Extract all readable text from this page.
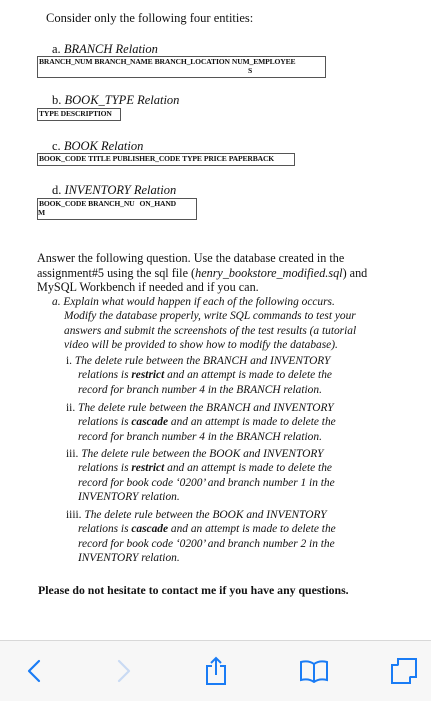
Consider only the following four entities:
a. BRANCH Relation
BRANCH_NUM BRANCH_NAME BRANCH_LOCATION NUM_EMPLOYEE S
b. BOOK_TYPE Relation
TYPE DESCRIPTION
c. BOOK Relation
BOOK_CODE TITLE PUBLISHER_CODE TYPE PRICE PAPERBACK
d. INVENTORY Relation
BOOK_CODE BRANCH_NU ON_HAND M
Answer the following question. Use the database created in the
assignment#5 using the sql file (henry_bookstore_modified.sql) and
MySQL Workbench if needed and if you can.
a. Explain what would happen if each of the following occurs.
Modify the database properly, write SQL commands to test your
answers and submit the screenshots of the test results (a tutorial
video will be provided to show how to modify the database).
i. The delete rule between the BRANCH and INVENTORY
relations is restrict and an attempt is made to delete the
record for branch number 4 in the BRANCH relation.
ii. The delete rule between the BRANCH and INVENTORY
relations is cascade and an attempt is made to delete the
record for branch number 4 in the BRANCH relation.
iii. The delete rule between the BOOK and INVENTORY
relations is restrict and an attempt is made to delete the
record for book code ‘0200’ and branch number 1 in the
INVENTORY relation.
iiii. The delete rule between the BOOK and INVENTORY
relations is cascade and an attempt is made to delete the
record for book code ‘0200’ and branch number 2 in the
INVENTORY relation.
Please do not hesitate to contact me if you have any questions.
